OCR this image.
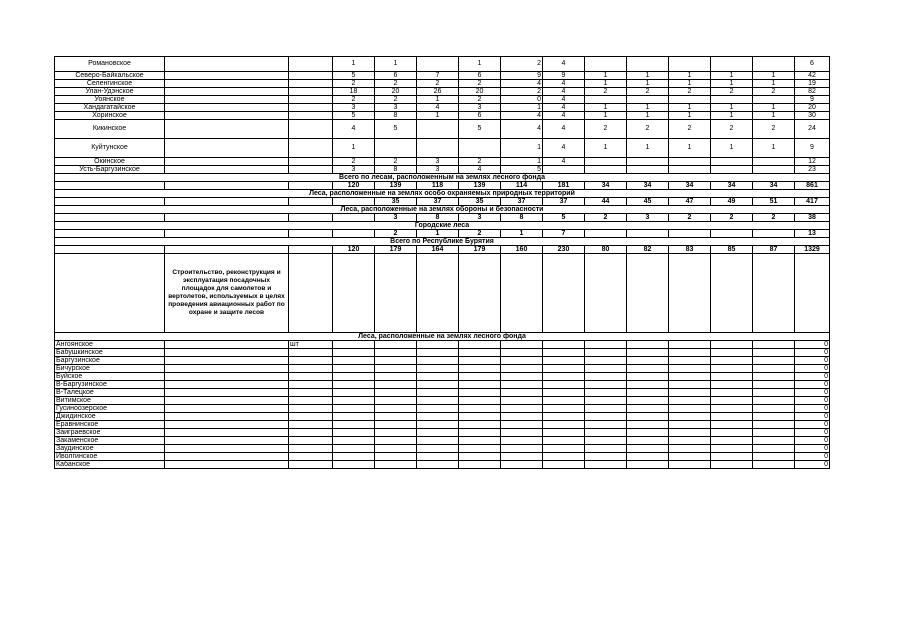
Романовское			1	1		1	2	4						6
Северо-Байкальское			5	6	7	6	9	9	1	1	1	1	1	42
Селенгинское			2	2	2	2	4	4	1	1	1	1	1	19
Улан-Удэнское			18	20	26	20	2	4	2	2	2	2	2	82
Уоянское			2	2	1	2	0	4						9
Хандагатайское			3	3	4	3	1	4	1	1	1	1	1	20
Хоринское			5	8	1	6	4	4	1	1	1	1	1	30
Кикинское			4	5		5	4	4	2	2	2	2	2	24
Куйтунское			1				1	4	1	1	1	1	1	9
Окинское			2	2	3	2	1	4						12
Усть-Баргузинское			3	8	3	4	5							23
Всего по лесам, расположенным на землях лесного фонда														
			120	139	118	139	114	181	34	34	34	34	34	861
Леса, расположенные на землях особо охраняемых природных территорий														
				35	37	35	37	37	44	45	47	49	51	417
Леса, расположенные на землях обороны и безопасности														
				3	8	3	8	5	2	3	2	2	2	38
Городские леса														
				2	1	2	1	7						13
Всего по Республике Бурятия														
			120	179	164	179	160	230	80	82	83	85	87	1329
	Строительство, реконструкция и эксплуатация посадочных площадок для самолетов и вертолетов, используемых в целях проведения авиационных работ по охране и защите лесов													
Леса, расположенные на землях лесного фонда														
Ангоянское		шт												0
Бабушкинское														0
Баргузинское														0
Бичурское														0
Буйское														0
В-Баргузинское														0
В-Талецкое														0
Витимское														0
Гусиноозерское														0
Джидинское														0
Еравнинское														0
Заиграевское														0
Закаменское														0
Заудинское														0
Иволгинское														0
Кабанское														0
